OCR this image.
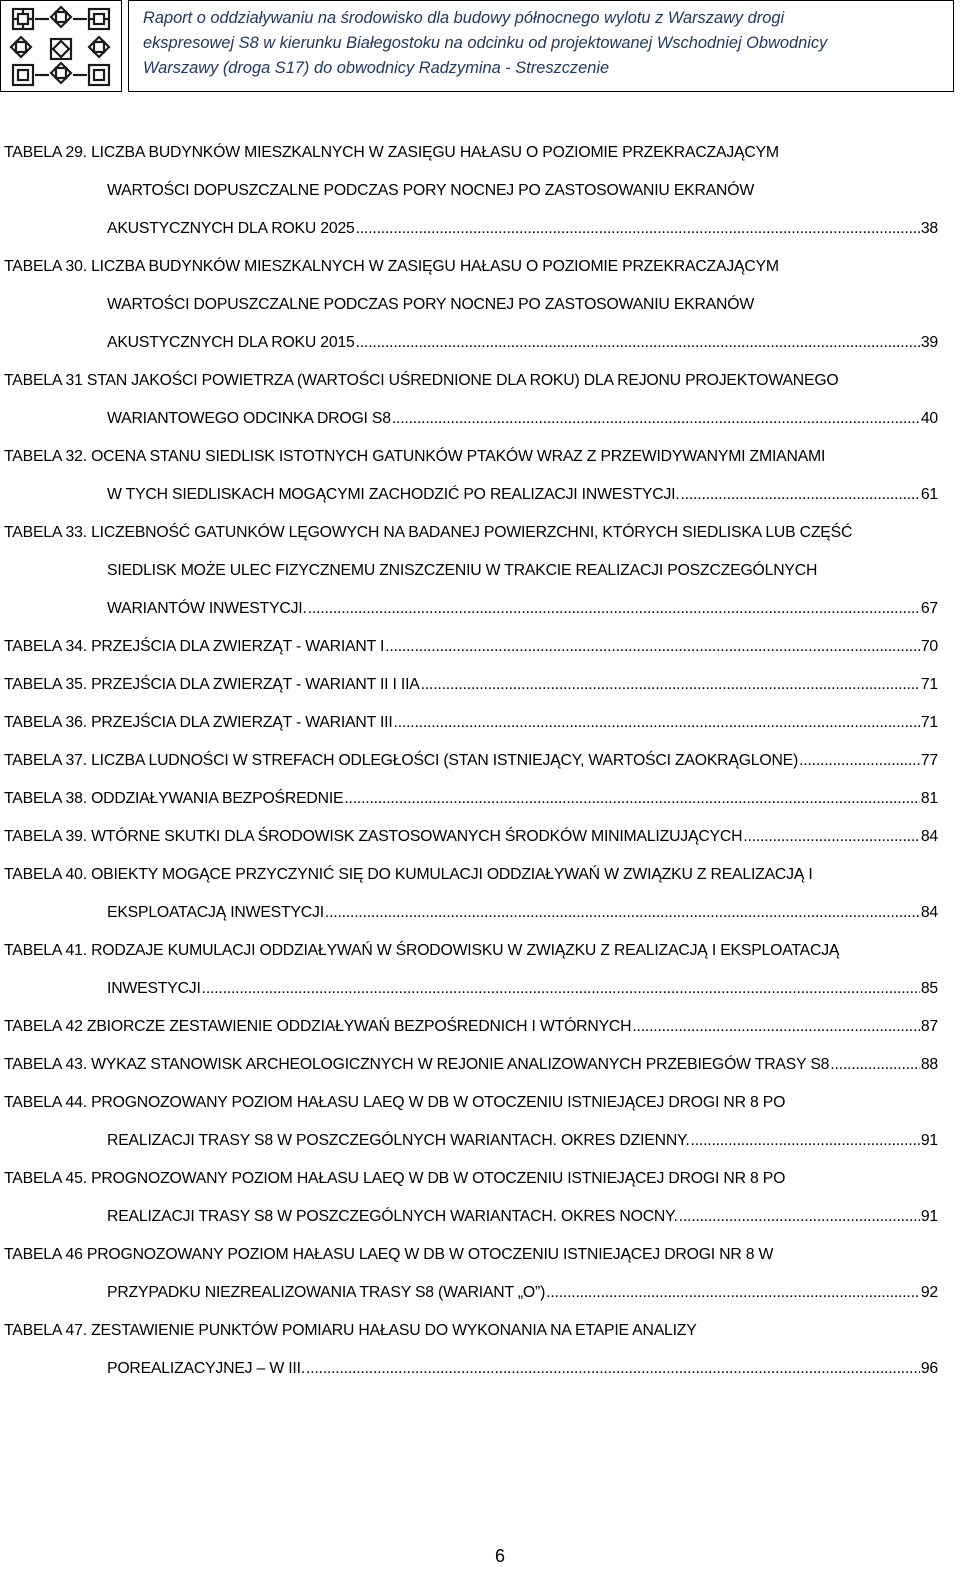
Raport o oddziaływaniu na środowisko dla budowy północnego wylotu z Warszawy drogi

ekspresowej S8 w kierunku Białegostoku na odcinku od projektowanej Wschodniej Obwodnicy

Warszawy (droga S17) do obwodnicy Radzymina - Streszczenie

TABELA 29. LICZBA BUDYNKÓW MIESZKALNYCH W ZASIĘGU HAŁASU O POZIOMIE PRZEKRACZAJĄCYM
WARTOŚCI DOPUSZCZALNE PODCZAS PORY NOCNEJ PO ZASTOSOWANIU EKRANÓW
AKUSTYCZNYCH DLA ROKU 2025 .....	38
TABELA 30. LICZBA BUDYNKÓW MIESZKALNYCH W ZASIĘGU HAŁASU O POZIOMIE PRZEKRACZAJĄCYM
WARTOŚCI DOPUSZCZALNE PODCZAS PORY NOCNEJ PO ZASTOSOWANIU EKRANÓW
AKUSTYCZNYCH DLA ROKU 2015 .....	39
TABELA 31 STAN JAKOŚCI POWIETRZA (WARTOŚCI UŚREDNIONE DLA ROKU) DLA REJONU PROJEKTOWANEGO
WARIANTOWEGO ODCINKA DROGI S8 .....	40
TABELA 32. OCENA STANU SIEDLISK ISTOTNYCH GATUNKÓW PTAKÓW WRAZ Z PRZEWIDYWANYMI ZMIANAMI
W TYCH SIEDLISKACH MOGĄCYMI ZACHODZIĆ PO REALIZACJI INWESTYCJI. .....	61
TABELA 33. LICZEBNOŚĆ GATUNKÓW LĘGOWYCH NA BADANEJ POWIERZCHNI, KTÓRYCH SIEDLISKA LUB CZĘŚĆ
SIEDLISK MOŻE ULEC FIZYCZNEMU ZNISZCZENIU W TRAKCIE REALIZACJI POSZCZEGÓLNYCH
WARIANTÓW INWESTYCJI. .....	67
TABELA 34. PRZEJŚCIA DLA ZWIERZĄT - WARIANT I .....	70
TABELA 35. PRZEJŚCIA DLA ZWIERZĄT - WARIANT II I IIA .....	71
TABELA 36. PRZEJŚCIA DLA ZWIERZĄT - WARIANT III .....	71
TABELA 37. LICZBA LUDNOŚCI W STREFACH ODLEGŁOŚCI (STAN ISTNIEJĄCY, WARTOŚCI ZAOKRĄGLONE) .....	77
TABELA 38. ODDZIAŁYWANIA BEZPOŚREDNIE .....	81
TABELA 39. WTÓRNE SKUTKI DLA ŚRODOWISK ZASTOSOWANYCH ŚRODKÓW MINIMALIZUJĄCYCH .....	84
TABELA 40. OBIEKTY MOGĄCE PRZYCZYNIĆ SIĘ DO KUMULACJI ODDZIAŁYWAŃ W ZWIĄZKU Z REALIZACJĄ I
EKSPLOATACJĄ INWESTYCJI .....	84
TABELA 41. RODZAJE KUMULACJI ODDZIAŁYWAŃ W ŚRODOWISKU W ZWIĄZKU Z REALIZACJĄ I EKSPLOATACJĄ
INWESTYCJI .....	85
TABELA 42 ZBIORCZE ZESTAWIENIE ODDZIAŁYWAŃ BEZPOŚREDNICH I WTÓRNYCH .....	87
TABELA 43. WYKAZ STANOWISK ARCHEOLOGICZNYCH W REJONIE ANALIZOWANYCH PRZEBIEGÓW TRASY S8 .....	88
TABELA 44. PROGNOZOWANY POZIOM HAŁASU LAEQ W DB W OTOCZENIU ISTNIEJĄCEJ DROGI NR 8 PO
REALIZACJI TRASY S8 W POSZCZEGÓLNYCH WARIANTACH. OKRES DZIENNY. .....	91
TABELA 45. PROGNOZOWANY POZIOM HAŁASU LAEQ W DB W OTOCZENIU ISTNIEJĄCEJ DROGI NR 8 PO
REALIZACJI TRASY S8 W POSZCZEGÓLNYCH WARIANTACH. OKRES NOCNY. .....	91
TABELA 46 PROGNOZOWANY POZIOM HAŁASU LAEQ W DB W OTOCZENIU ISTNIEJĄCEJ DROGI NR 8 W
PRZYPADKU NIEZREALIZOWANIA TRASY S8 (WARIANT „O”) .....	92
TABELA 47. ZESTAWIENIE PUNKTÓW POMIARU HAŁASU DO WYKONANIA NA ETAPIE ANALIZY
POREALIZACYJNEJ – W III. .....	96
6
